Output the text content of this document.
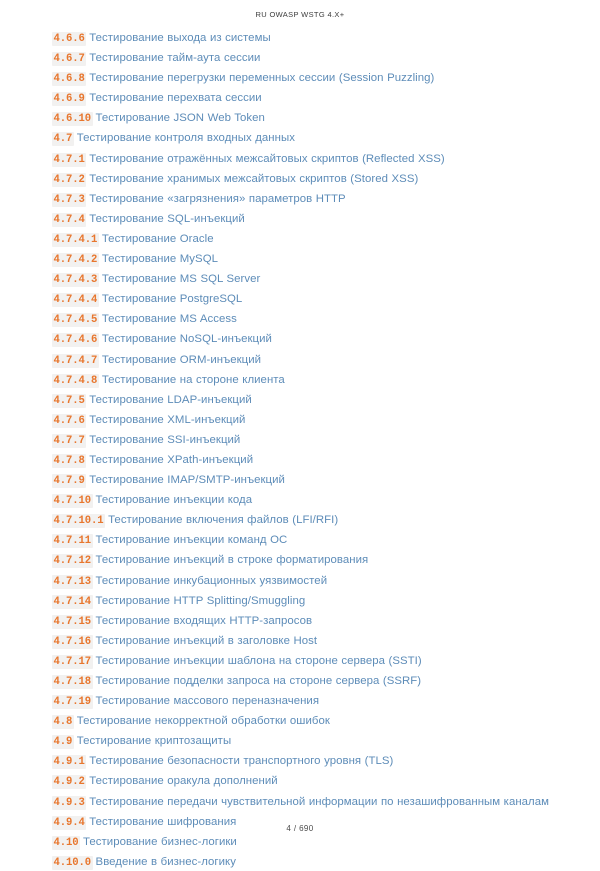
RU OWASP WSTG 4.X+
4.6.6 Тестирование выхода из системы
4.6.7 Тестирование тайм-аута сессии
4.6.8 Тестирование перегрузки переменных сессии (Session Puzzling)
4.6.9 Тестирование перехвата сессии
4.6.10 Тестирование JSON Web Token
4.7 Тестирование контроля входных данных
4.7.1 Тестирование отражённых межсайтовых скриптов (Reflected XSS)
4.7.2 Тестирование хранимых межсайтовых скриптов (Stored XSS)
4.7.3 Тестирование «загрязнения» параметров HTTP
4.7.4 Тестирование SQL-инъекций
4.7.4.1 Тестирование Oracle
4.7.4.2 Тестирование MySQL
4.7.4.3 Тестирование MS SQL Server
4.7.4.4 Тестирование PostgreSQL
4.7.4.5 Тестирование MS Access
4.7.4.6 Тестирование NoSQL-инъекций
4.7.4.7 Тестирование ORM-инъекций
4.7.4.8 Тестирование на стороне клиента
4.7.5 Тестирование LDAP-инъекций
4.7.6 Тестирование XML-инъекций
4.7.7 Тестирование SSI-инъекций
4.7.8 Тестирование XPath-инъекций
4.7.9 Тестирование IMAP/SMTP-инъекций
4.7.10 Тестирование инъекции кода
4.7.10.1 Тестирование включения файлов (LFI/RFI)
4.7.11 Тестирование инъекции команд ОС
4.7.12 Тестирование инъекций в строке форматирования
4.7.13 Тестирование инкубационных уязвимостей
4.7.14 Тестирование HTTP Splitting/Smuggling
4.7.15 Тестирование входящих HTTP-запросов
4.7.16 Тестирование инъекций в заголовке Host
4.7.17 Тестирование инъекции шаблона на стороне сервера (SSTI)
4.7.18 Тестирование подделки запроса на стороне сервера (SSRF)
4.7.19 Тестирование массового переназначения
4.8 Тестирование некорректной обработки ошибок
4.9 Тестирование криптозащиты
4.9.1 Тестирование безопасности транспортного уровня (TLS)
4.9.2 Тестирование оракула дополнений
4.9.3 Тестирование передачи чувствительной информации по незашифрованным каналам
4.9.4 Тестирование шифрования
4.10 Тестирование бизнес-логики
4.10.0 Введение в бизнес-логику
4 / 690
